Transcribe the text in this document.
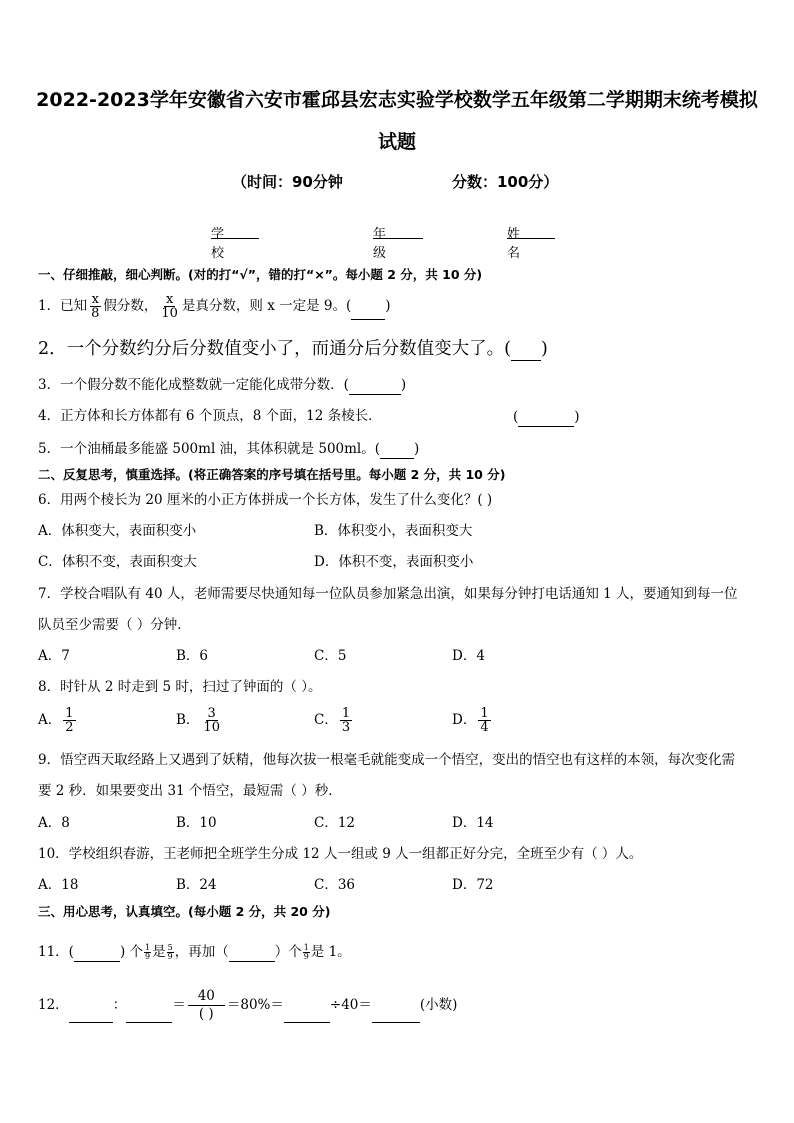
2022-2023学年安徽省六安市霍邱县宏志实验学校数学五年级第二学期期末统考模拟
试题
（时间：90分钟	分数：100分）
学校

年级

姓名

一、仔细推敲，细心判断。(对的打“√”，错的打“×”。每小题 2 分，共 10 分)
1．已知 $\frac{x}{8}$ 假分数， $\frac{x}{10}$ 是真分数，则 x 一定是 9。(	)
2．一个分数约分后分数值变小了，而通分后分数值变大了。( )
3．一个假分数不能化成整数就一定能化成带分数．(	)
4．正方体和长方体都有 6 个顶点，8 个面，12 条棱长．	(	)
5．一个油桶最多能盛 500ml 油，其体积就是 500ml。(	)
二、反复思考，慎重选择。(将正确答案的序号填在括号里。每小题 2 分，共 10 分)
6．用两个棱长为 20 厘米的小正方体拼成一个长方体，发生了什么变化？( )
A．体积变大，表面积变小	B．体积变小，表面积变大
C．体积不变，表面积变大	D．体积不变，表面积变小
7．学校合唱队有 40 人，老师需要尽快通知每一位队员参加紧急出演，如果每分钟打电话通知 1 人，要通知到每一位
队员至少需要（ ）分钟．
A．7	B．6	C．5	D．4
8．时针从 2 时走到 5 时，扫过了钟面的（ ）。
A． $\frac{1}{2}$	B． $\frac{3}{10}$	C． $\frac{1}{3}$	D． $\frac{1}{4}$
9．悟空西天取经路上又遇到了妖精，他每次拔一根毫毛就能变成一个悟空，变出的悟空也有这样的本领，每次变化需
要 2 秒．如果要变出 31 个悟空，最短需（ ）秒．
A．8	B．10	C．12	D．14
10．学校组织春游，王老师把全班学生分成 12 人一组或 9 人一组都正好分完，全班至少有（ ）人。
A．18	B．24	C．36	D．72
三、用心思考，认真填空。(每小题 2 分，共 20 分)
11．(	) 个 $\frac{1}{9}$ 是 $\frac{5}{9}$ ，再加（	）个 $\frac{1}{9}$ 是 1。
12．	：	＝ $\frac{40}{( )} =80\%=$	÷40＝	(小数)
